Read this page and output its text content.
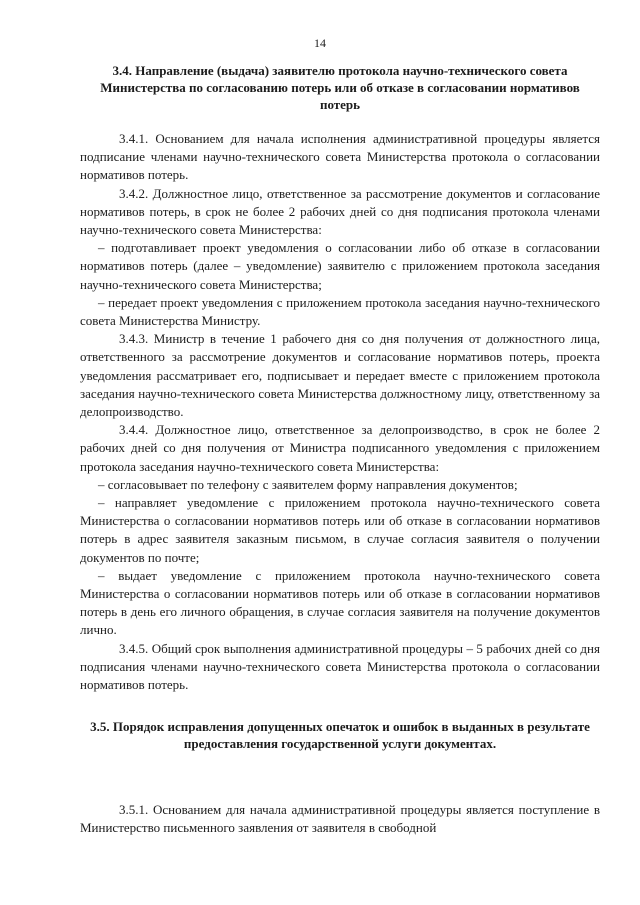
14
3.4. Направление (выдача) заявителю протокола научно-технического совета Министерства по согласованию потерь или об отказе в согласовании нормативов потерь

3.4.1. Основанием для начала исполнения административной процедуры является подписание членами научно-технического совета Министерства протокола о согласовании нормативов потерь.

3.4.2. Должностное лицо, ответственное за рассмотрение документов и согласование нормативов потерь, в срок не более 2 рабочих дней со дня подписания протокола членами научно-технического совета Министерства:

– подготавливает проект уведомления о согласовании либо об отказе в согласовании нормативов потерь (далее – уведомление) заявителю с приложением протокола заседания научно-технического совета Министерства;

– передает проект уведомления с приложением протокола заседания научно-технического совета Министерства Министру.

3.4.3. Министр в течение 1 рабочего дня со дня получения от должностного лица, ответственного за рассмотрение документов и согласование нормативов потерь, проекта уведомления рассматривает его, подписывает и передает вместе с приложением протокола заседания научно-технического совета Министерства должностному лицу, ответственному за делопроизводство.

3.4.4. Должностное лицо, ответственное за делопроизводство, в срок не более 2 рабочих дней со дня получения от Министра подписанного уведомления с приложением протокола заседания научно-технического совета Министерства:

– согласовывает по телефону с заявителем форму направления документов;

– направляет уведомление с приложением протокола научно-технического совета Министерства о согласовании нормативов потерь или об отказе в согласовании нормативов потерь в адрес заявителя заказным письмом, в случае согласия заявителя о получении документов по почте;

– выдает уведомление с приложением протокола научно-технического совета Министерства о согласовании нормативов потерь или об отказе в согласовании нормативов потерь в день его личного обращения, в случае согласия заявителя на получение документов лично.

3.4.5. Общий срок выполнения административной процедуры – 5 рабочих дней со дня подписания членами научно-технического совета Министерства протокола о согласовании нормативов потерь.

3.5. Порядок исправления допущенных опечаток и ошибок в выданных в результате предоставления государственной услуги документах.

3.5.1. Основанием для начала административной процедуры является поступление в Министерство письменного заявления от заявителя в свободной
